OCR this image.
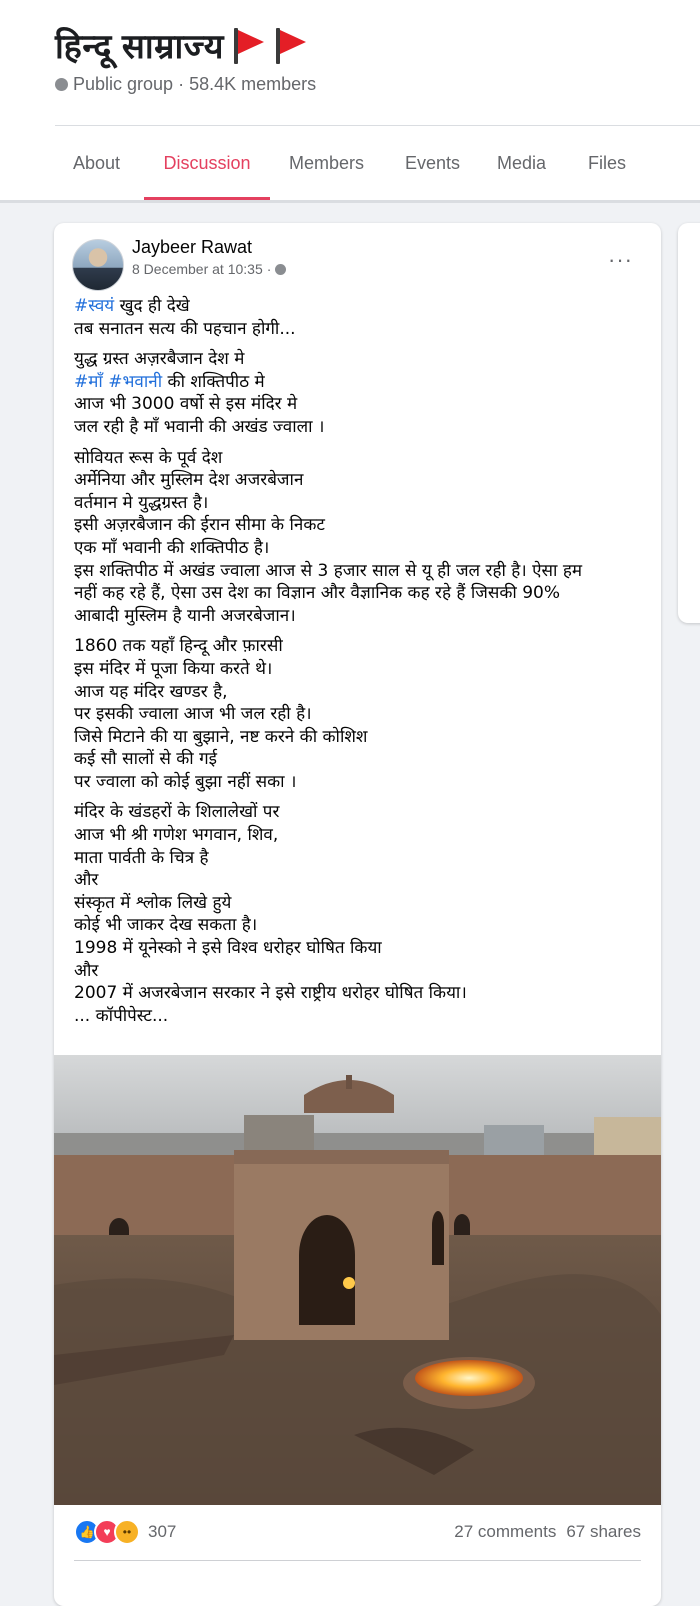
हिन्दू साम्राज्य
Public group · 58.4K members
About	Discussion	Members Events Media Files
Jaybeer Rawat
8 December at 10:35 ·	···
#स्वयं खुद ही देखे
तब सनातन सत्य की पहचान होगी...
युद्ध ग्रस्त अज़रबैजान देश मे
#माँ #भवानी की शक्तिपीठ मे
आज भी 3000 वर्षो से इस मंदिर मे
जल रही है माँ भवानी की अखंड ज्वाला ।
सोवियत रूस के पूर्व देश
अर्मेनिया और मुस्लिम देश अजरबेजान
वर्तमान मे युद्धग्रस्त है।
इसी अज़रबैजान की ईरान सीमा के निकट
एक माँ भवानी की शक्तिपीठ है।
इस शक्तिपीठ में अखंड ज्वाला आज से 3 हजार साल से यू ही जल रही है। ऐसा हम
नहीं कह रहे हैं, ऐसा उस देश का विज्ञान और वैज्ञानिक कह रहे हैं जिसकी 90%
आबादी मुस्लिम है यानी अजरबेजान।
1860 तक यहाँ हिन्दू और फ़ारसी
इस मंदिर में पूजा किया करते थे।
आज यह मंदिर खण्डर है,
पर इसकी ज्वाला आज भी जल रही है।
जिसे मिटाने की या बुझाने, नष्ट करने की कोशिश
कई सौ सालों से की गई
पर ज्वाला को कोई बुझा नहीं सका ।
मंदिर के खंडहरों के शिलालेखों पर
आज भी श्री गणेश भगवान, शिव,
माता पार्वती के चित्र है
और
संस्कृत में श्लोक लिखे हुये
कोई भी जाकर देख सकता है।
1998 में यूनेस्को ने इसे विश्व धरोहर घोषित किया
और
2007 में अजरबेजान सरकार ने इसे राष्ट्रीय धरोहर घोषित किया।
... कॉपीपेस्ट...
👍 ♥	•• 307	27 comments 67 shares
